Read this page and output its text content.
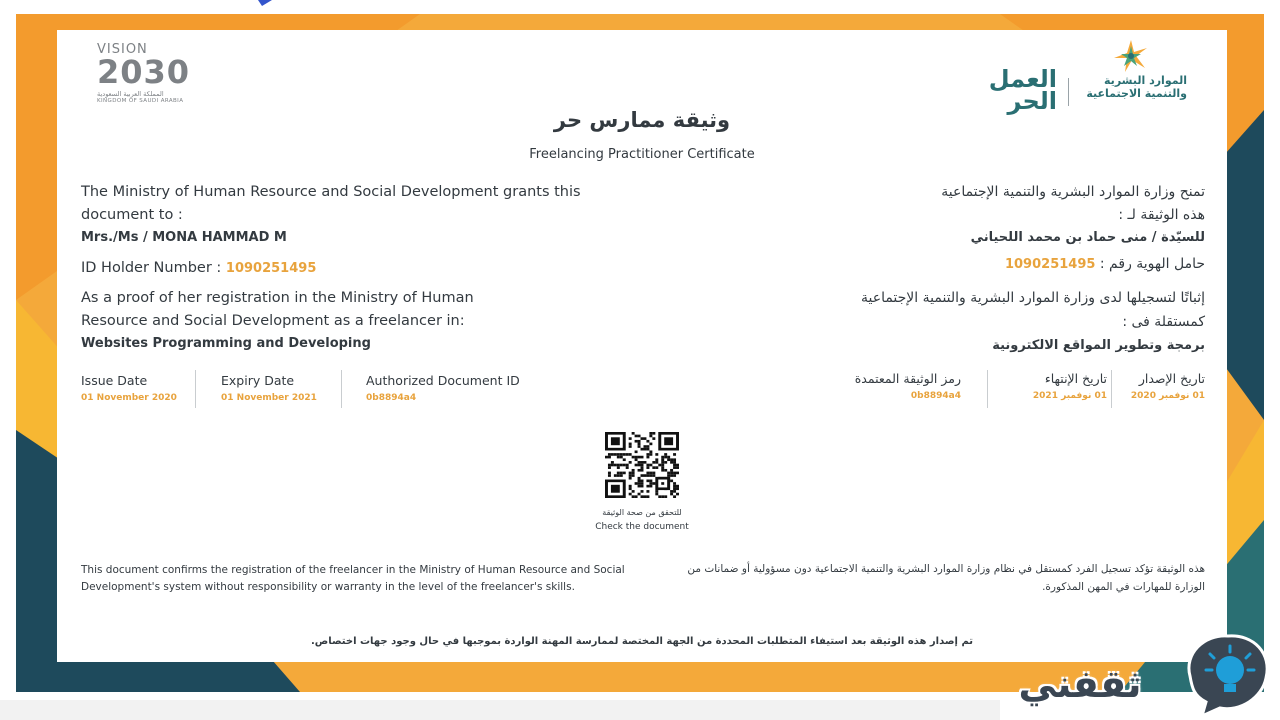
VISION
2030
المملكة العربية السعودية
KINGDOM OF SAUDI ARABIA
الموارد البشرية والتنمية الاجتماعية
العمل الحر
وثيقة ممارس حر
Freelancing Practitioner Certificate
The Ministry of Human Resource and Social Development grants this
document to :
Mrs./Ms / MONA HAMMAD M
ID Holder Number : 1090251495
As a proof of her registration in the Ministry of Human
Resource and Social Development as a freelancer in:
Websites Programming and Developing
تمنح وزارة الموارد البشرية والتنمية الإجتماعية
هذه الوثيقة لـ :
للسيّدة / منى حماد بن محمد اللحياني
حامل الهوية رقم : 1090251495
إثباتًا لتسجيلها لدى وزارة الموارد البشرية والتنمية الإجتماعية
كمستقلة فى :
برمجة وتطوير المواقع الالكترونية
Issue Date
01 November 2020
Expiry Date
01 November 2021
Authorized Document ID
0b8894a4
تاريخ الإصدار
01 نوفمبر 2020
تاريخ الإنتهاء
01 نوفمبر 2021
رمز الوثيقة المعتمدة
0b8894a4
للتحقق من صحة الوثيقة
Check the document
This document confirms the registration of the freelancer in the Ministry of Human Resource and Social Development's system without responsibility or warranty in the level of the freelancer's skills.
هذه الوثيقة تؤكد تسجيل الفرد كمستقل في نظام وزارة الموارد البشرية والتنمية الاجتماعية دون مسؤولية أو ضمانات من الوزارة للمهارات في المهن المذكورة.
تم إصدار هذه الوثيقة بعد استيفاء المتطلبات المحددة من الجهة المختصة لممارسة المهنة الواردة بموجبها في حال وجود جهات اختصاص.
ثقفني
